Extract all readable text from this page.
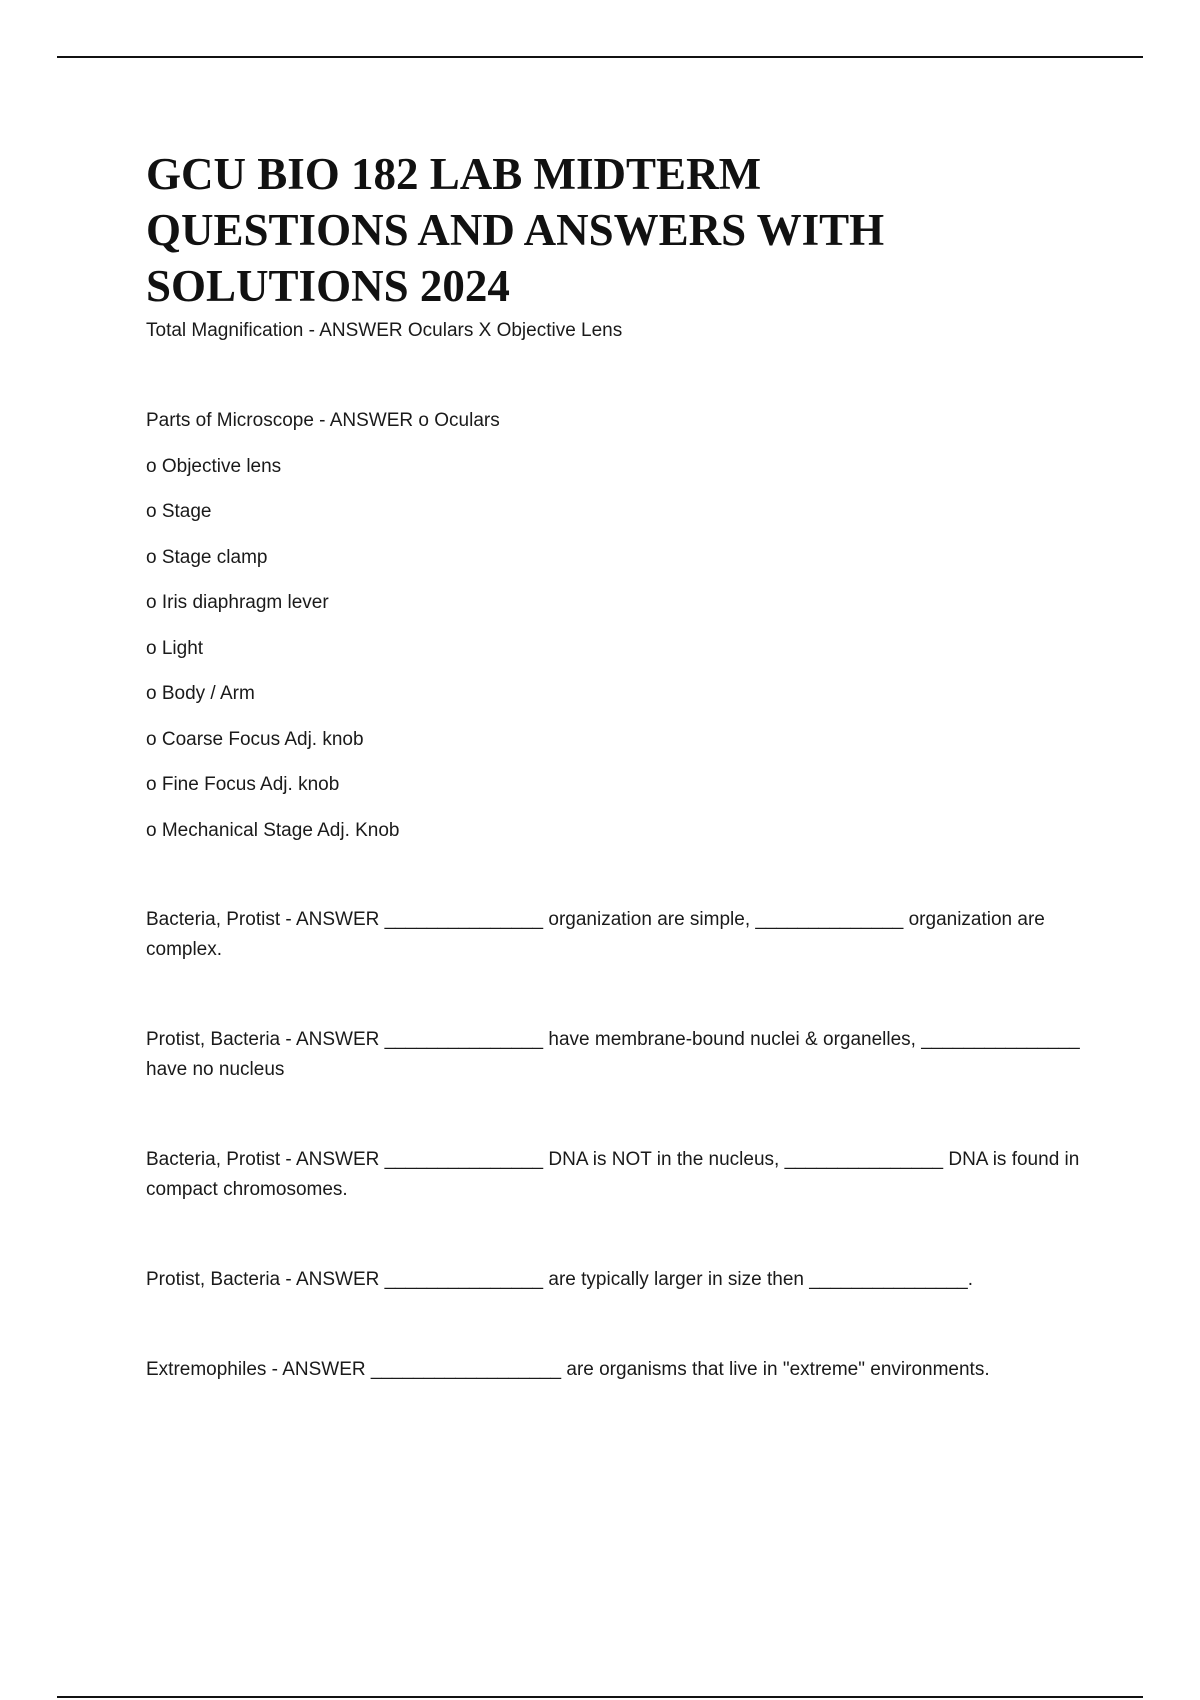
GCU BIO 182 LAB MIDTERM
QUESTIONS AND ANSWERS WITH
SOLUTIONS 2024

Total Magnification - ANSWER Oculars X Objective Lens

Parts of Microscope - ANSWER o Oculars

o Objective lens
o Stage
o Stage clamp
o Iris diaphragm lever
o Light
o Body / Arm
o Coarse Focus Adj. knob
o Fine Focus Adj. knob
o Mechanical Stage Adj. Knob

Bacteria, Protist - ANSWER _______________ organization are simple, ______________ organization are complex.

Protist, Bacteria - ANSWER _______________ have membrane-bound nuclei & organelles, _______________ have no nucleus

Bacteria, Protist - ANSWER _______________ DNA is NOT in the nucleus, _______________ DNA is found in compact chromosomes.

Protist, Bacteria - ANSWER _______________ are typically larger in size then _______________.

Extremophiles - ANSWER __________________ are organisms that live in "extreme" environments.
